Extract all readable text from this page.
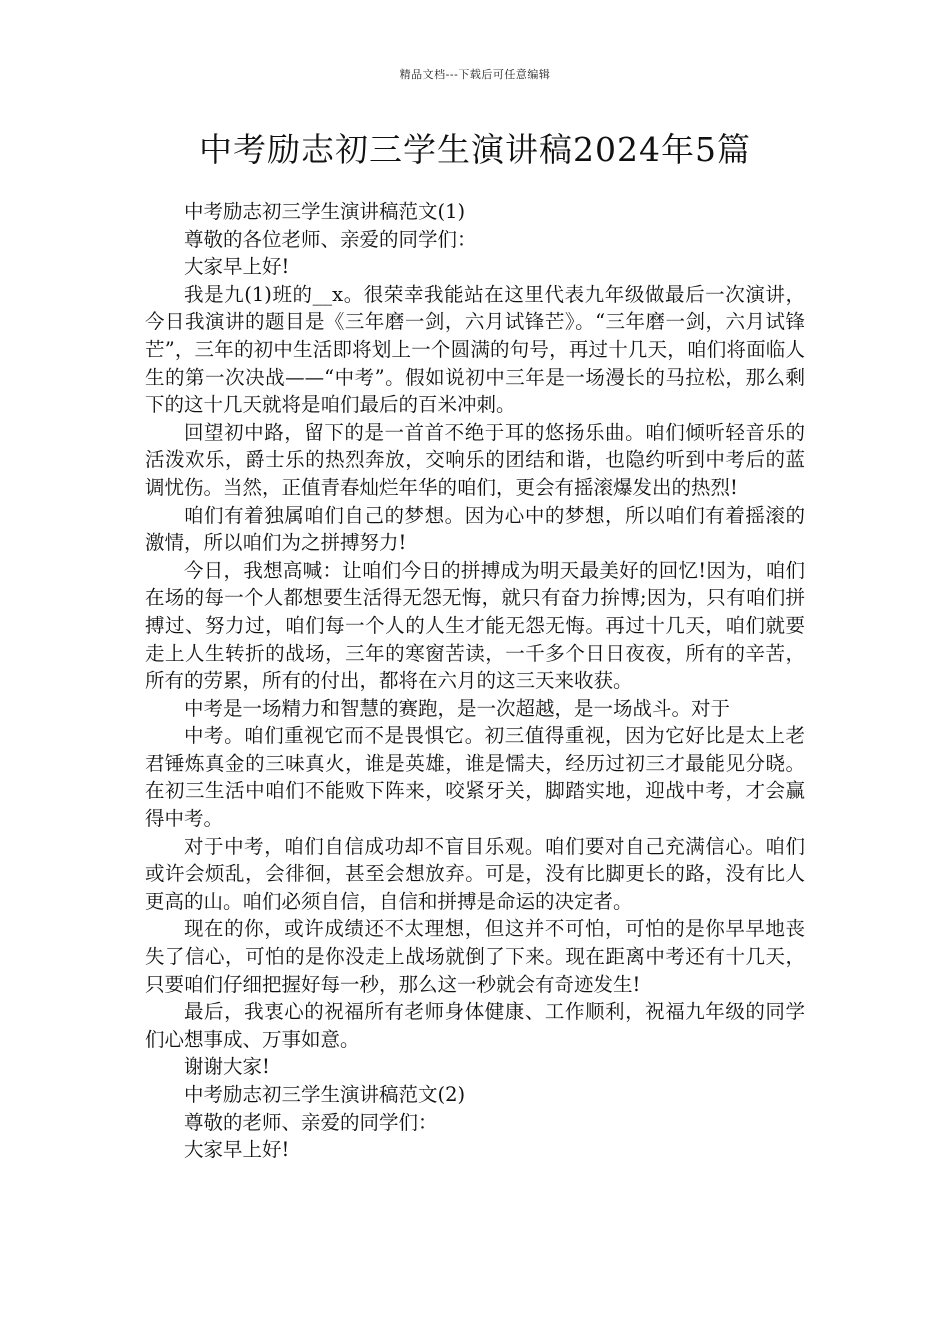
精品文档---下载后可任意编辑
中考励志初三学生演讲稿2024年5篇

中考励志初三学生演讲稿范文(1)

尊敬的各位老师、亲爱的同学们：

大家早上好!

我是九(1)班的__x。很荣幸我能站在这里代表九年级做最后一次演讲，今日我演讲的题目是《三年磨一剑，六月试锋芒》。“三年磨一剑，六月试锋芒”，三年的初中生活即将划上一个圆满的句号，再过十几天，咱们将面临人生的第一次决战——“中考”。假如说初中三年是一场漫长的马拉松，那么剩下的这十几天就将是咱们最后的百米冲刺。

回望初中路，留下的是一首首不绝于耳的悠扬乐曲。咱们倾听轻音乐的活泼欢乐，爵士乐的热烈奔放，交响乐的团结和谐，也隐约听到中考后的蓝调忧伤。当然，正值青春灿烂年华的咱们，更会有摇滚爆发出的热烈!

咱们有着独属咱们自己的梦想。因为心中的梦想，所以咱们有着摇滚的激情，所以咱们为之拼搏努力!

今日，我想高喊：让咱们今日的拼搏成为明天最美好的回忆!因为，咱们在场的每一个人都想要生活得无怨无悔，就只有奋力拚博;因为，只有咱们拼搏过、努力过，咱们每一个人的人生才能无怨无悔。再过十几天，咱们就要走上人生转折的战场，三年的寒窗苦读，一千多个日日夜夜，所有的辛苦，所有的劳累，所有的付出，都将在六月的这三天来收获。

中考是一场精力和智慧的赛跑，是一次超越，是一场战斗。对于

中考。咱们重视它而不是畏惧它。初三值得重视，因为它好比是太上老君锤炼真金的三味真火，谁是英雄，谁是懦夫，经历过初三才最能见分晓。在初三生活中咱们不能败下阵来，咬紧牙关，脚踏实地，迎战中考，才会赢得中考。

对于中考，咱们自信成功却不盲目乐观。咱们要对自己充满信心。咱们或许会烦乱，会徘徊，甚至会想放弃。可是，没有比脚更长的路，没有比人更高的山。咱们必须自信，自信和拼搏是命运的决定者。

现在的你，或许成绩还不太理想，但这并不可怕，可怕的是你早早地丧失了信心，可怕的是你没走上战场就倒了下来。现在距离中考还有十几天，只要咱们仔细把握好每一秒，那么这一秒就会有奇迹发生!

最后，我衷心的祝福所有老师身体健康、工作顺利，祝福九年级的同学们心想事成、万事如意。

谢谢大家!

中考励志初三学生演讲稿范文(2)

尊敬的老师、亲爱的同学们：

大家早上好!
